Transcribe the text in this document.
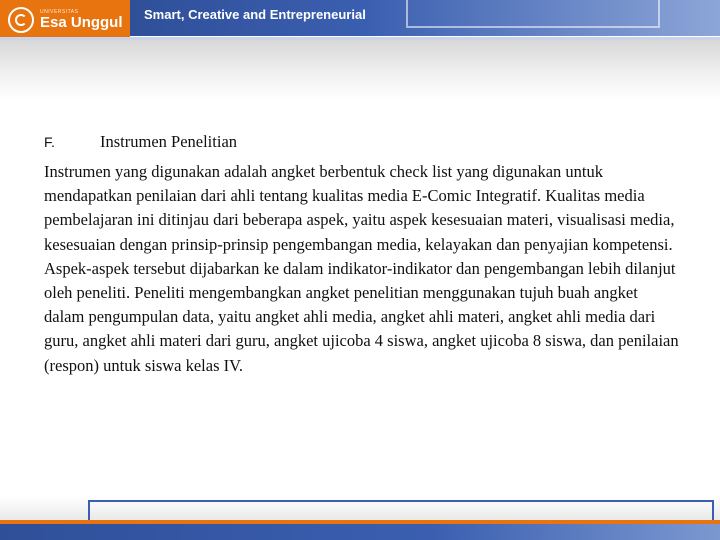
UNIVERSITAS
Esa Unggul Smart, Creative and Entrepreneurial
F.	Instrumen Penelitian
Instrumen yang digunakan adalah angket berbentuk check list yang digunakan untuk mendapatkan penilaian dari ahli tentang kualitas media E-Comic Integratif. Kualitas media pembelajaran ini ditinjau dari beberapa aspek, yaitu aspek kesesuaian materi, visualisasi media, kesesuaian dengan prinsip-prinsip pengembangan media, kelayakan dan penyajian kompetensi. Aspek-aspek tersebut dijabarkan ke dalam indikator-indikator dan pengembangan lebih dilanjut oleh peneliti. Peneliti mengembangkan angket penelitian menggunakan tujuh buah angket dalam pengumpulan data, yaitu angket ahli media, angket ahli materi, angket ahli media dari guru, angket ahli materi dari guru, angket ujicoba 4 siswa, angket ujicoba 8 siswa, dan penilaian (respon) untuk siswa kelas IV.
